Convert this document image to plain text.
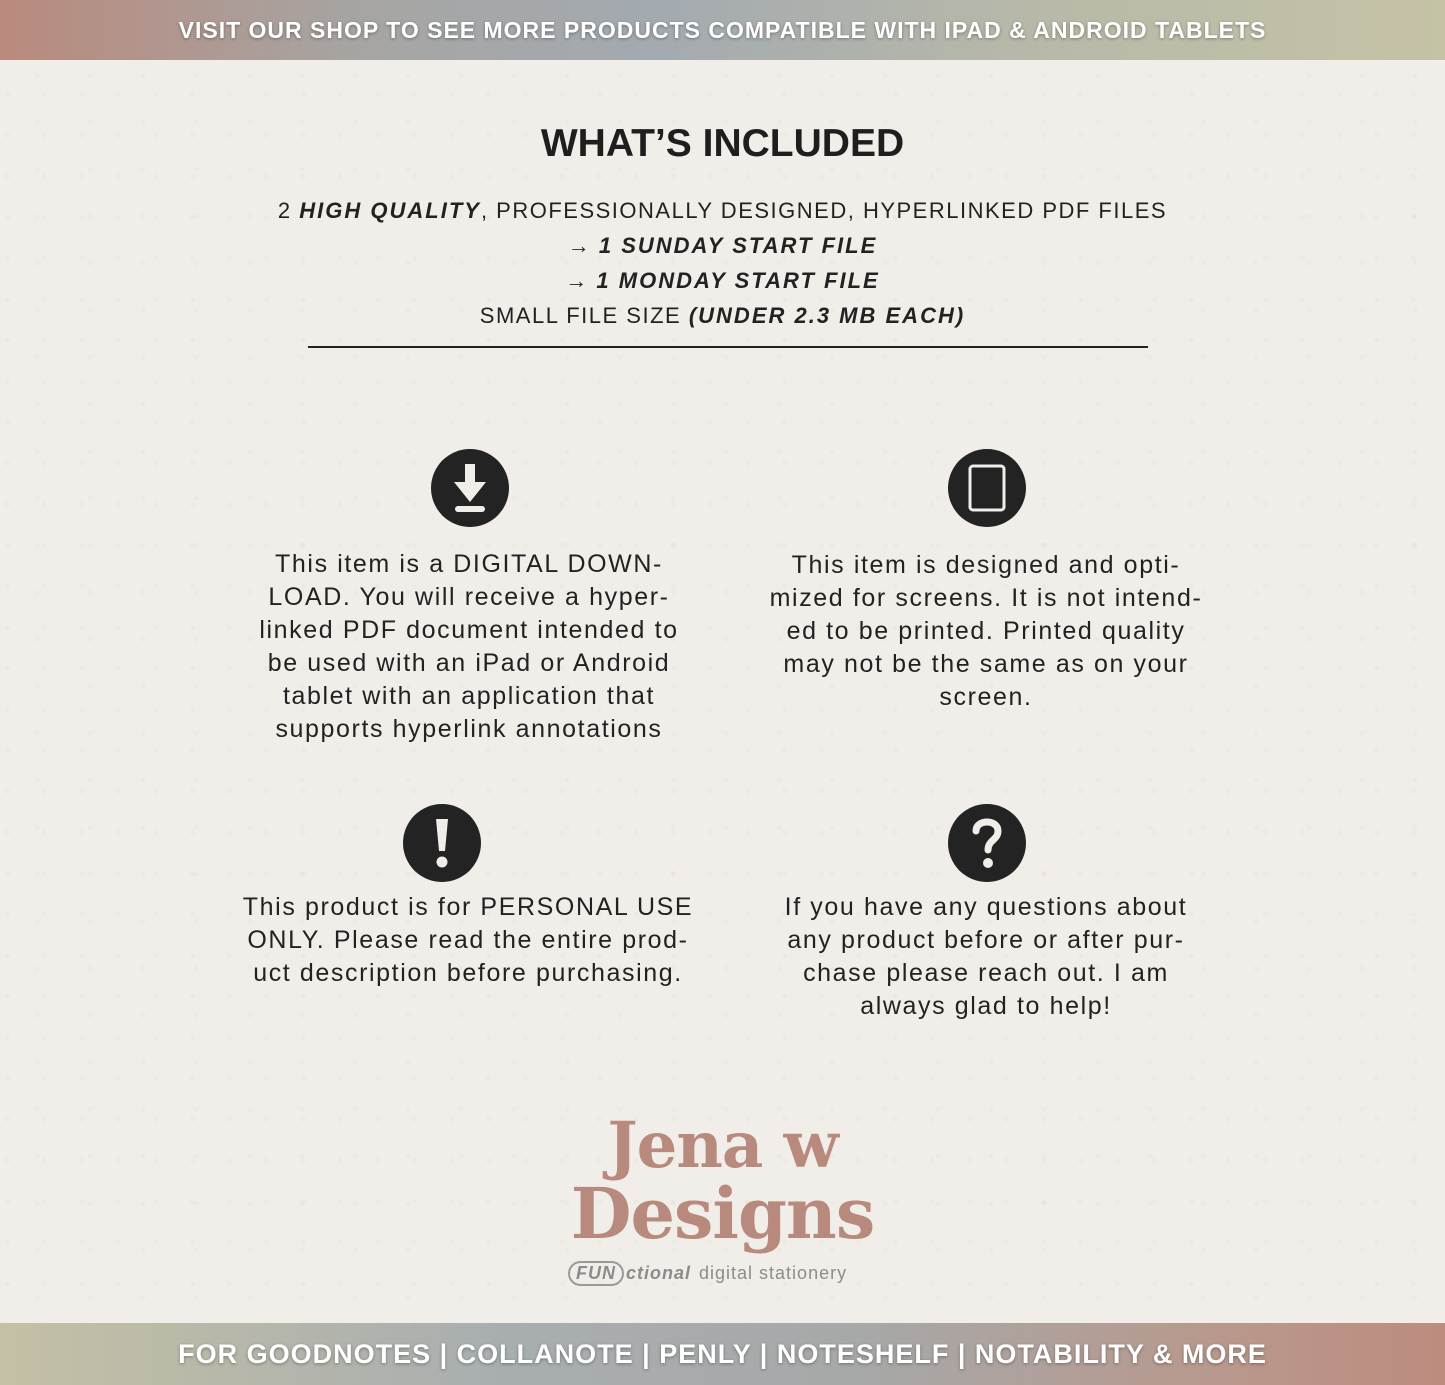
VISIT OUR SHOP TO SEE MORE PRODUCTS COMPATIBLE WITH IPAD & ANDROID TABLETS
WHAT’S INCLUDED
2 HIGH QUALITY, PROFESSIONALLY DESIGNED, HYPERLINKED PDF FILES
→ 1 SUNDAY START FILE
→ 1 MONDAY START FILE
SMALL FILE SIZE (UNDER 2.3 MB EACH)

This item is a DIGITAL DOWN-
LOAD. You will receive a hyper-
linked PDF document intended to
be used with an iPad or Android
tablet with an application that
supports hyperlink annotations

This item is designed and opti-
mized for screens. It is not intend-
ed to be printed. Printed quality
may not be the same as on your
screen.

This product is for PERSONAL USE
ONLY. Please read the entire prod-
uct description before purchasing.

If you have any questions about
any product before or after pur-
chase please reach out. I am
always glad to help!

Jena w
Designs
FUN ctional digital stationery
FOR GOODNOTES | COLLANOTE | PENLY | NOTESHELF | NOTABILITY & MORE
